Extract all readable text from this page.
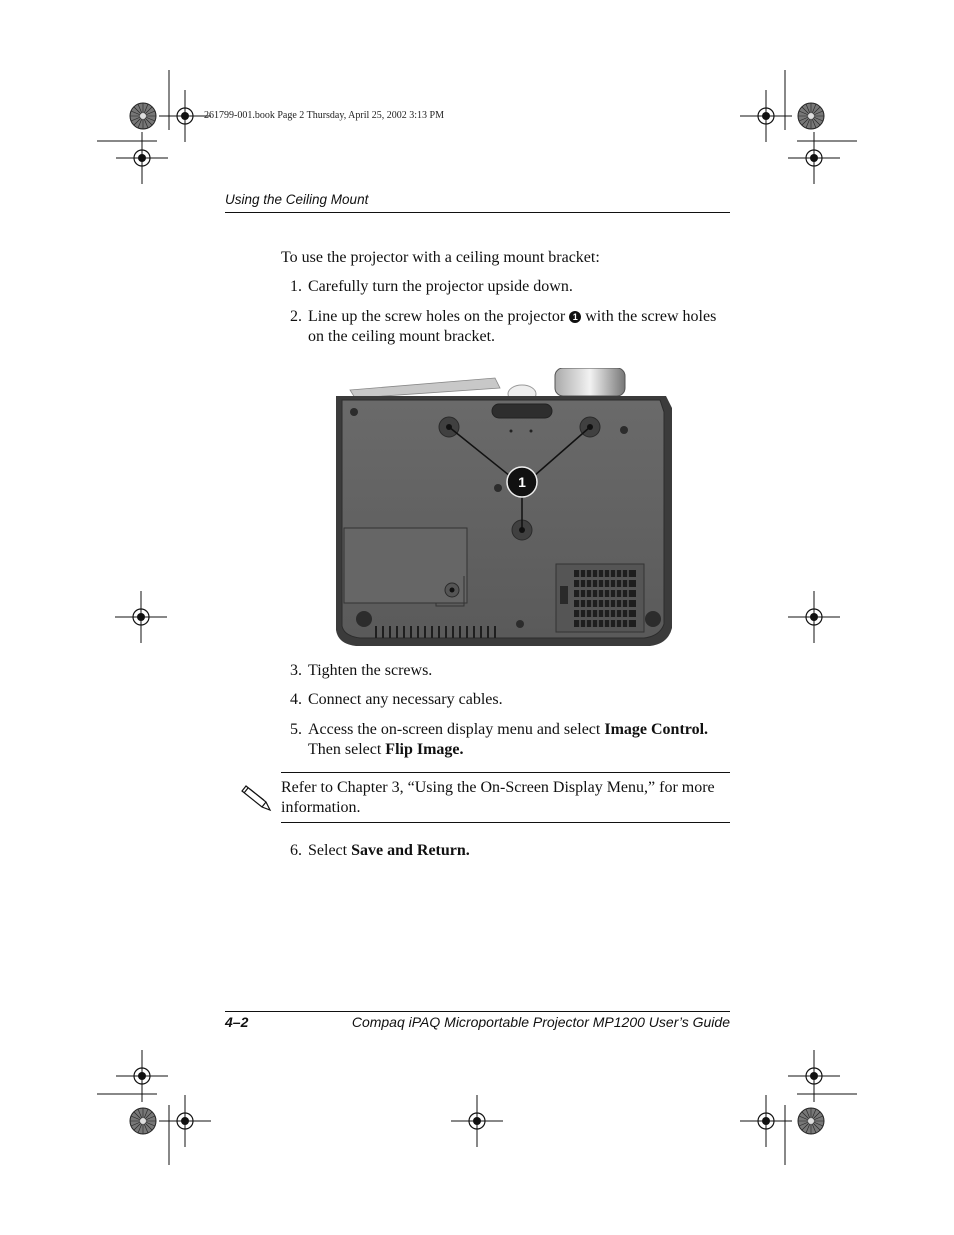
261799-001.book Page 2 Thursday, April 25, 2002 3:13 PM
Using the Ceiling Mount
To use the projector with a ceiling mount bracket:
1. Carefully turn the projector upside down.
2. Line up the screw holes on the projector 1 with the screw holes on the ceiling mount bracket.
1
3. Tighten the screws.
4. Connect any necessary cables.
5. Access the on-screen display menu and select Image Control. Then select Flip Image.
Refer to Chapter 3, “Using the On-Screen Display Menu,” for more information.
6. Select Save and Return.
4–2	Compaq iPAQ Microportable Projector MP1200 User’s Guide
